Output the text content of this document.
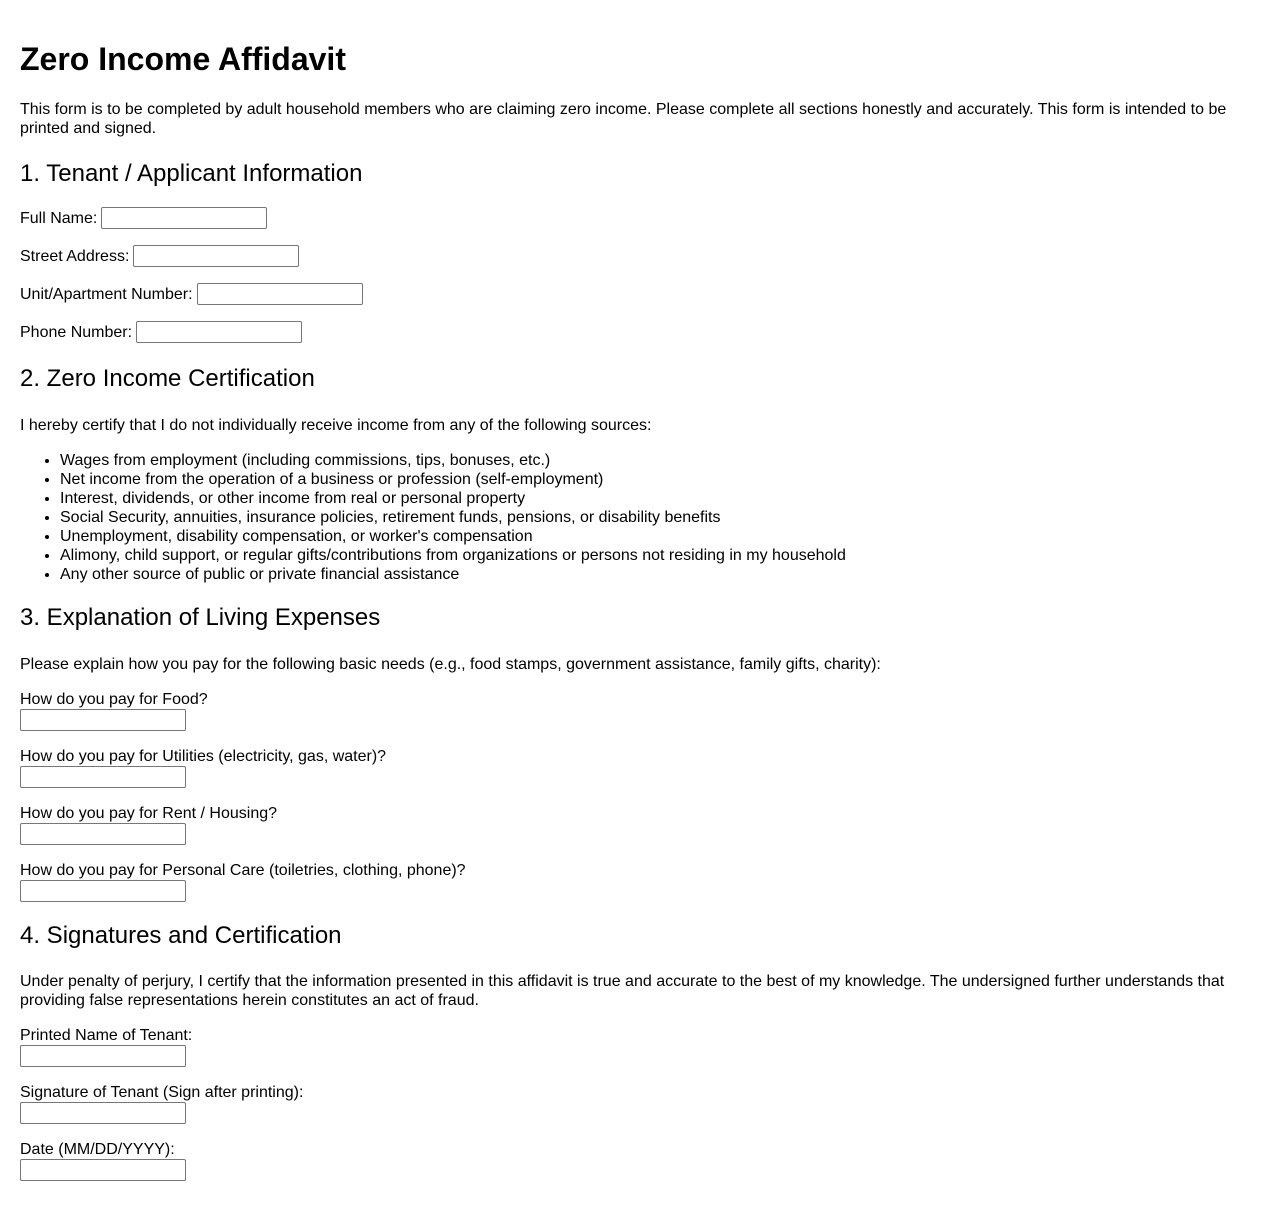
Zero Income Affidavit

This form is to be completed by adult household members who are claiming zero income. Please complete all sections honestly and accurately. This form is intended to be printed and signed.

1. Tenant / Applicant Information
Full Name:
Street Address:
Unit/Apartment Number:
Phone Number:
2. Zero Income Certification

I hereby certify that I do not individually receive income from any of the following sources:

• Wages from employment (including commissions, tips, bonuses, etc.)
• Net income from the operation of a business or profession (self-employment)
• Interest, dividends, or other income from real or personal property
• Social Security, annuities, insurance policies, retirement funds, pensions, or disability benefits
• Unemployment, disability compensation, or worker's compensation
• Alimony, child support, or regular gifts/contributions from organizations or persons not residing in my household
• Any other source of public or private financial assistance
3. Explanation of Living Expenses

Please explain how you pay for the following basic needs (e.g., food stamps, government assistance, family gifts, charity):

How do you pay for Food?
How do you pay for Utilities (electricity, gas, water)?
How do you pay for Rent / Housing?
How do you pay for Personal Care (toiletries, clothing, phone)?
4. Signatures and Certification

Under penalty of perjury, I certify that the information presented in this affidavit is true and accurate to the best of my knowledge. The undersigned further understands that providing false representations herein constitutes an act of fraud.

Printed Name of Tenant:
Signature of Tenant (Sign after printing):
Date (MM/DD/YYYY):
